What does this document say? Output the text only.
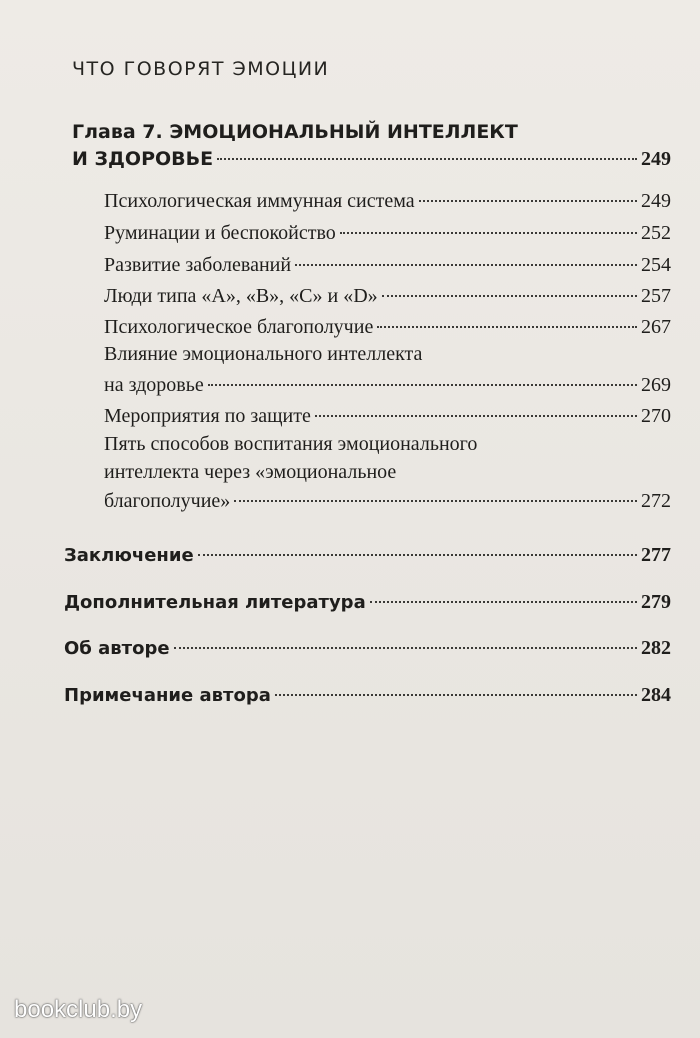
ЧТО ГОВОРЯТ ЭМОЦИИ
Глава 7. ЭМОЦИОНАЛЬНЫЙ ИНТЕЛЛЕКТ
И ЗДОРОВЬЕ	249
Психологическая иммунная система	249
Руминации и беспокойство	252
Развитие заболеваний	254
Люди типа «А», «В», «С» и «D»	257
Психологическое благополучие	267
Влияние эмоционального интеллекта
на здоровье	269
Мероприятия по защите	270
Пять способов воспитания эмоционального
интеллекта через «эмоциональное
благополучие»	272
Заключение	277
Дополнительная литература	279
Об авторе	282
Примечание автора	284
bookclub.by
